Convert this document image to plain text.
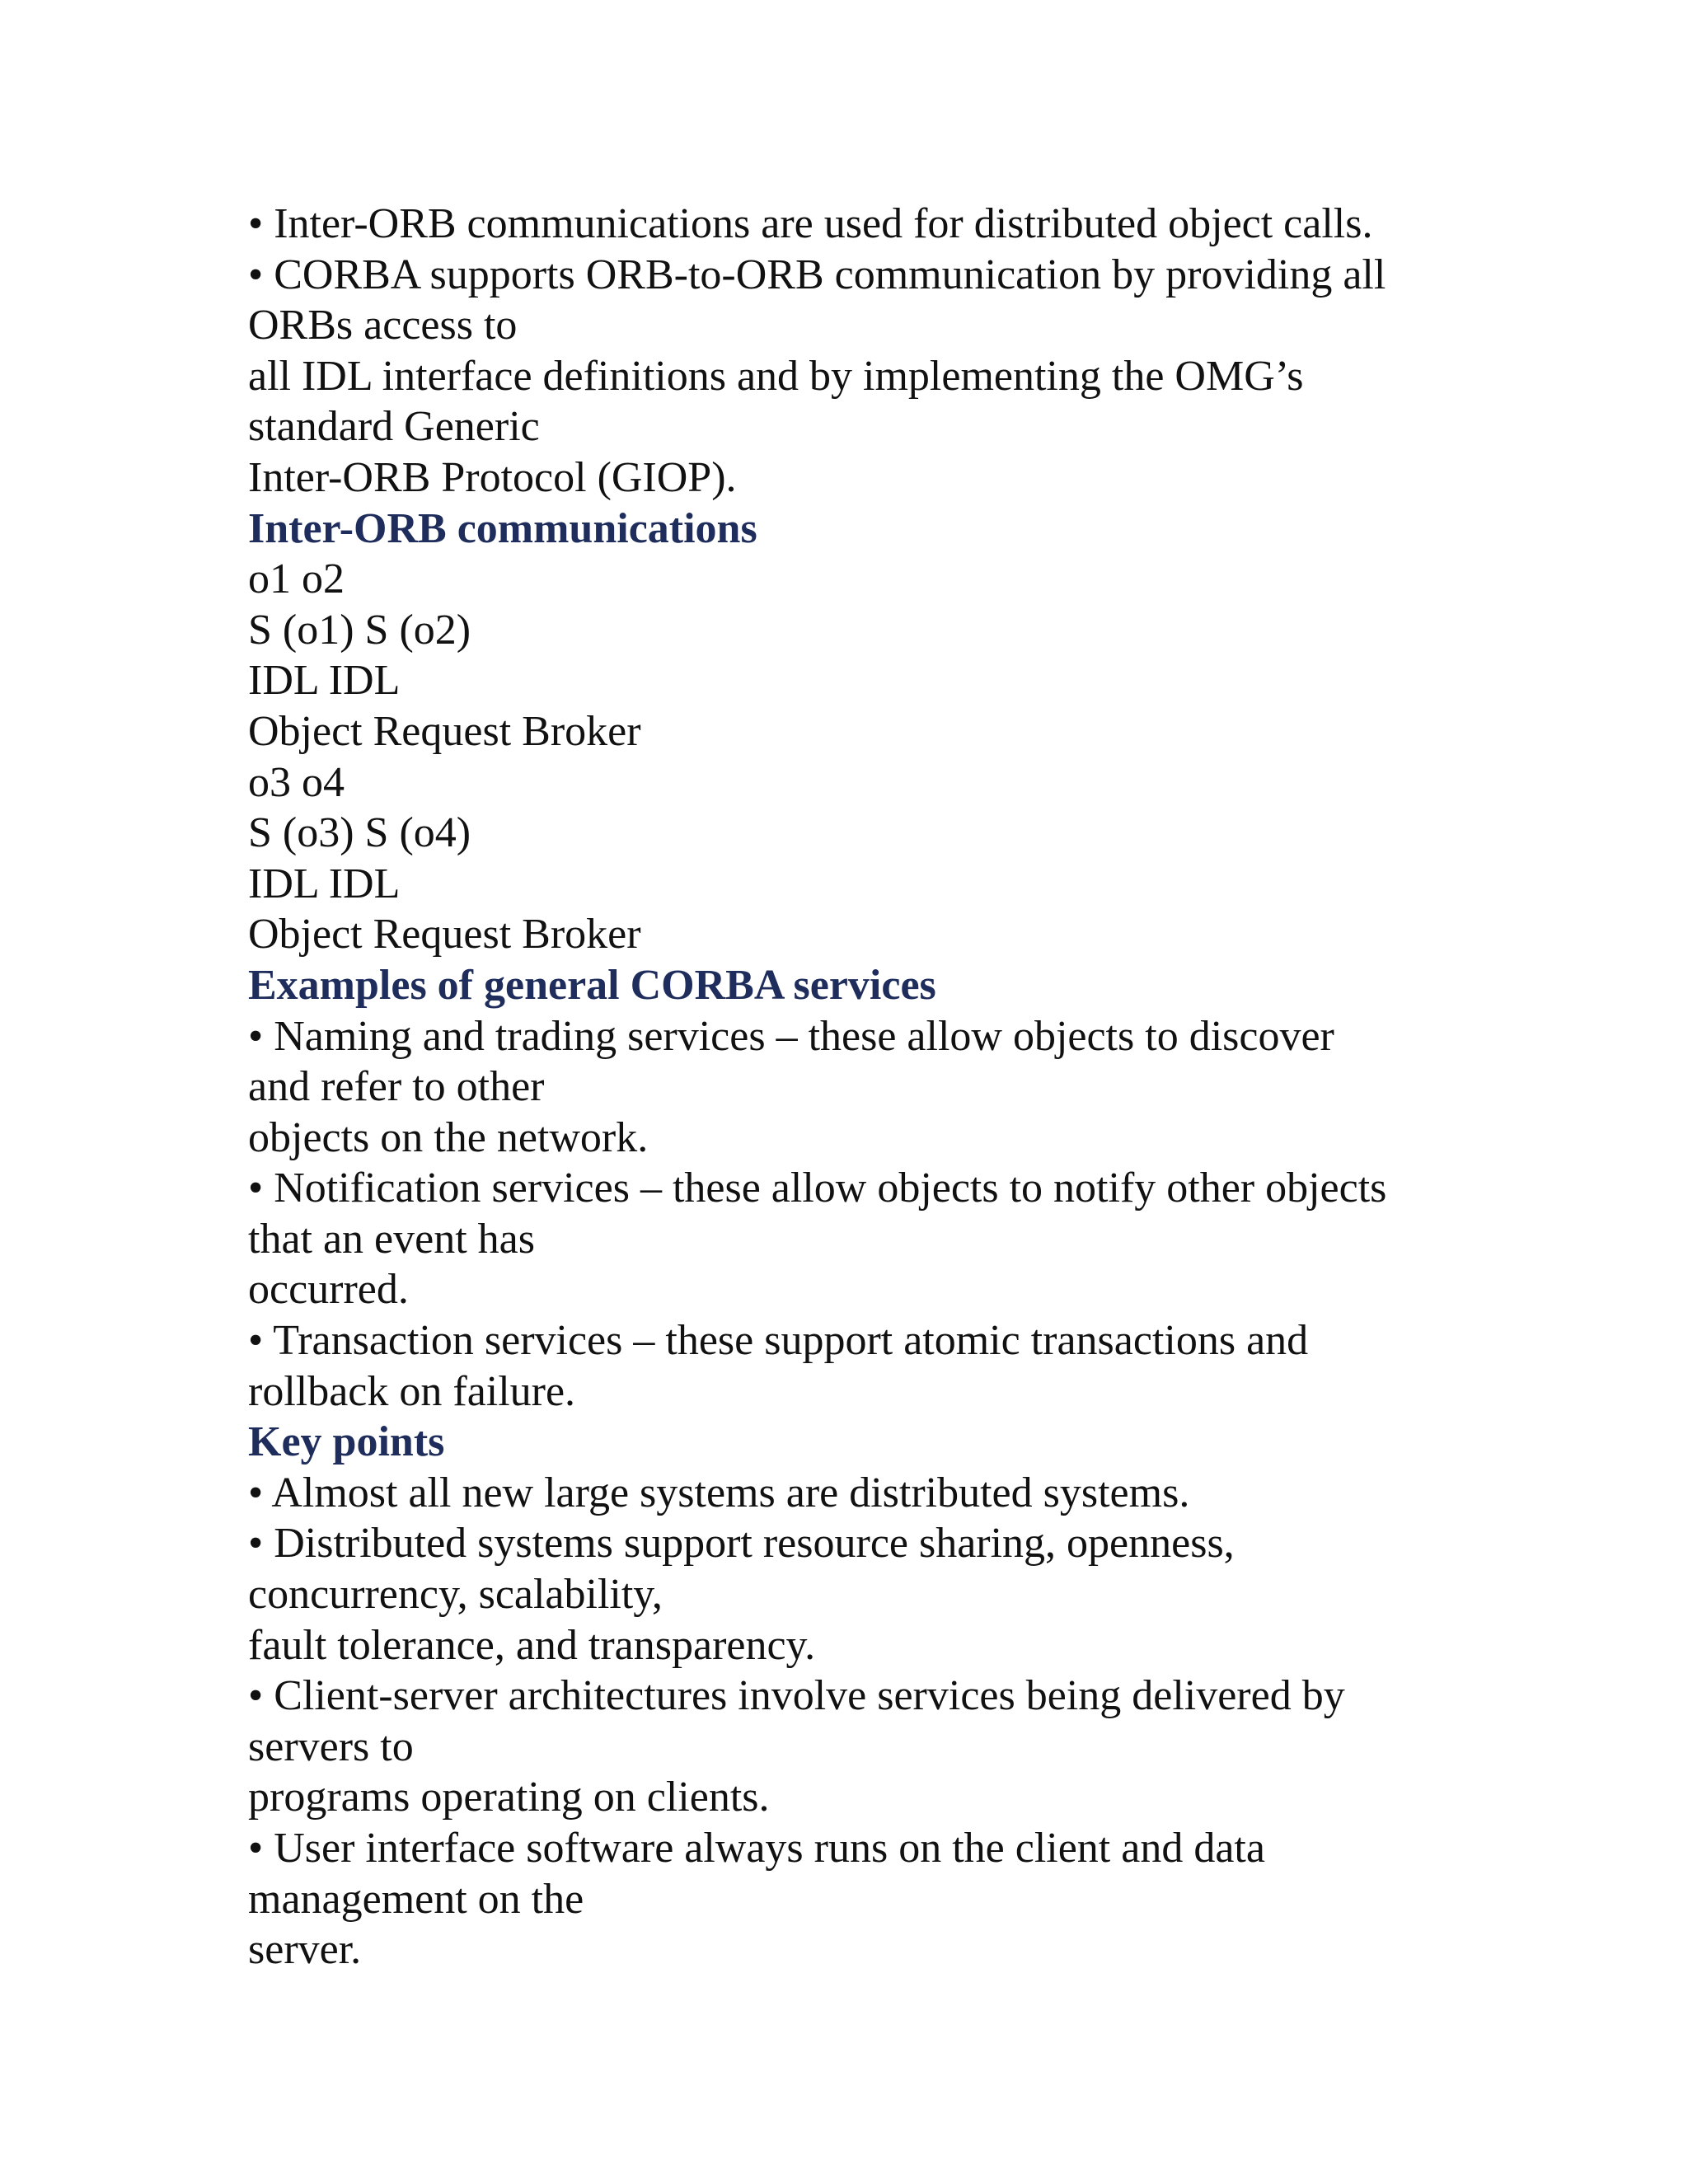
• Inter-ORB communications are used for distributed object calls.
• CORBA supports ORB-to-ORB communication by providing all
ORBs access to
all IDL interface definitions and by implementing the OMG’s
standard Generic
Inter-ORB Protocol (GIOP).
Inter-ORB communications
o1 o2
S (o1) S (o2)
IDL IDL
Object Request Broker
o3 o4
S (o3) S (o4)
IDL IDL
Object Request Broker
Examples of general CORBA services
• Naming and trading services – these allow objects to discover
and refer to other
objects on the network.
• Notification services – these allow objects to notify other objects
that an event has
occurred.
• Transaction services – these support atomic transactions and
rollback on failure.
Key points
• Almost all new large systems are distributed systems.
• Distributed systems support resource sharing, openness,
concurrency, scalability,
fault tolerance, and transparency.
• Client-server architectures involve services being delivered by
servers to
programs operating on clients.
• User interface software always runs on the client and data
management on the
server.
